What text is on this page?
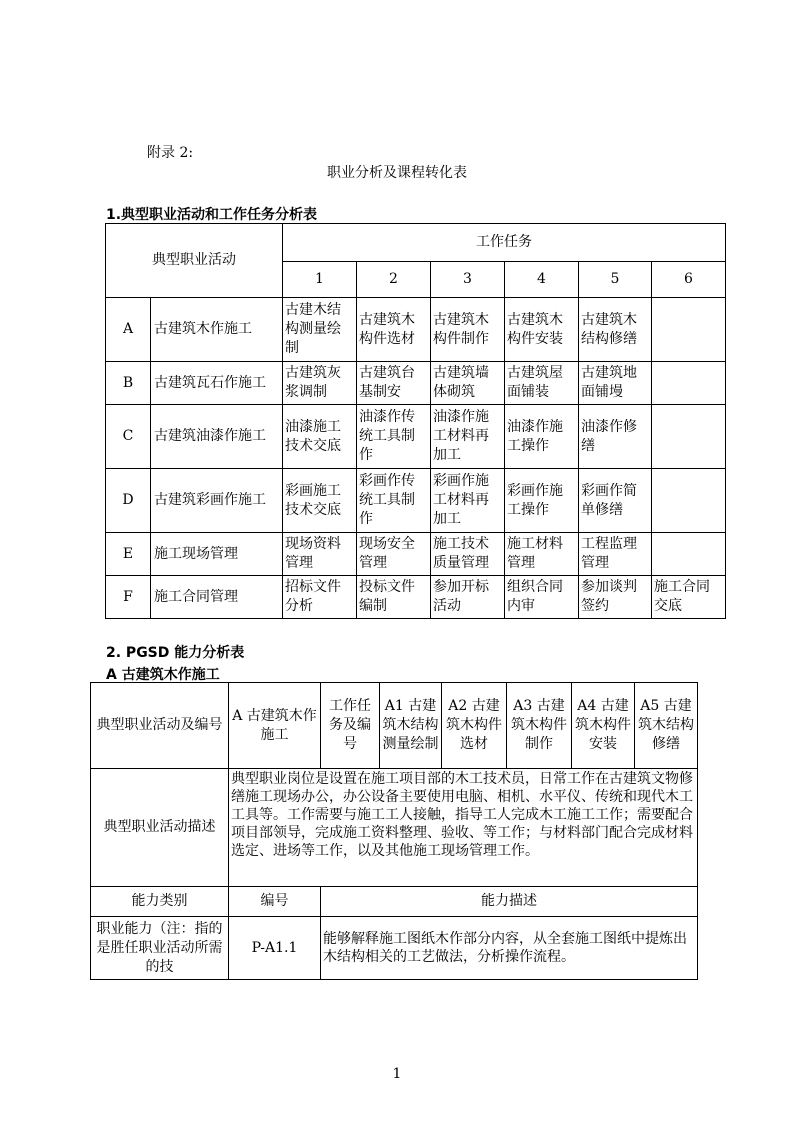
附录 2:
职业分析及课程转化表
1.典型职业活动和工作任务分析表
典型职业活动		工作任务					
		1	2	3	4	5	6
A	古建筑木作施工	古建木结构测量绘制	古建筑木构件选材	古建筑木构件制作	古建筑木构件安装	古建筑木结构修缮	
B	古建筑瓦石作施工	古建筑灰浆调制	古建筑台基制安	古建筑墙体砌筑	古建筑屋面铺装	古建筑地面铺墁	
C	古建筑油漆作施工	油漆施工技术交底	油漆作传统工具制作	油漆作施工材料再加工	油漆作施工操作	油漆作修缮	
D	古建筑彩画作施工	彩画施工技术交底	彩画作传统工具制作	彩画作施工材料再加工	彩画作施工操作	彩画作简单修缮	
E	施工现场管理	现场资料管理	现场安全管理	施工技术质量管理	施工材料管理	工程监理管理	
F	施工合同管理	招标文件分析	投标文件编制	参加开标活动	组织合同内审	参加谈判签约	施工合同交底
2. PGSD 能力分析表
A 古建筑木作施工
典型职业活动及编号	A 古建筑木作施工	工作任务及编号	A1 古建筑木结构测量绘制	A2 古建筑木构件选材	A3 古建筑木构件制作	A4 古建筑木构件安装	A5 古建筑木结构修缮
典型职业活动描述	典型职业岗位是设置在施工项目部的木工技术员，日常工作在古建筑文物修缮施工现场办公，办公设备主要使用电脑、相机、水平仪、传统和现代木工工具等。工作需要与施工工人接触，指导工人完成木工施工工作；需要配合项目部领导，完成施工资料整理、验收、等工作；与材料部门配合完成材料选定、进场等工作，以及其他施工现场管理工作。						
能力类别	编号	能力描述					
职业能力（注：指的是胜任职业活动所需的技	P-A1.1	能够解释施工图纸木作部分内容，从全套施工图纸中提炼出木结构相关的工艺做法，分析操作流程。					
1
